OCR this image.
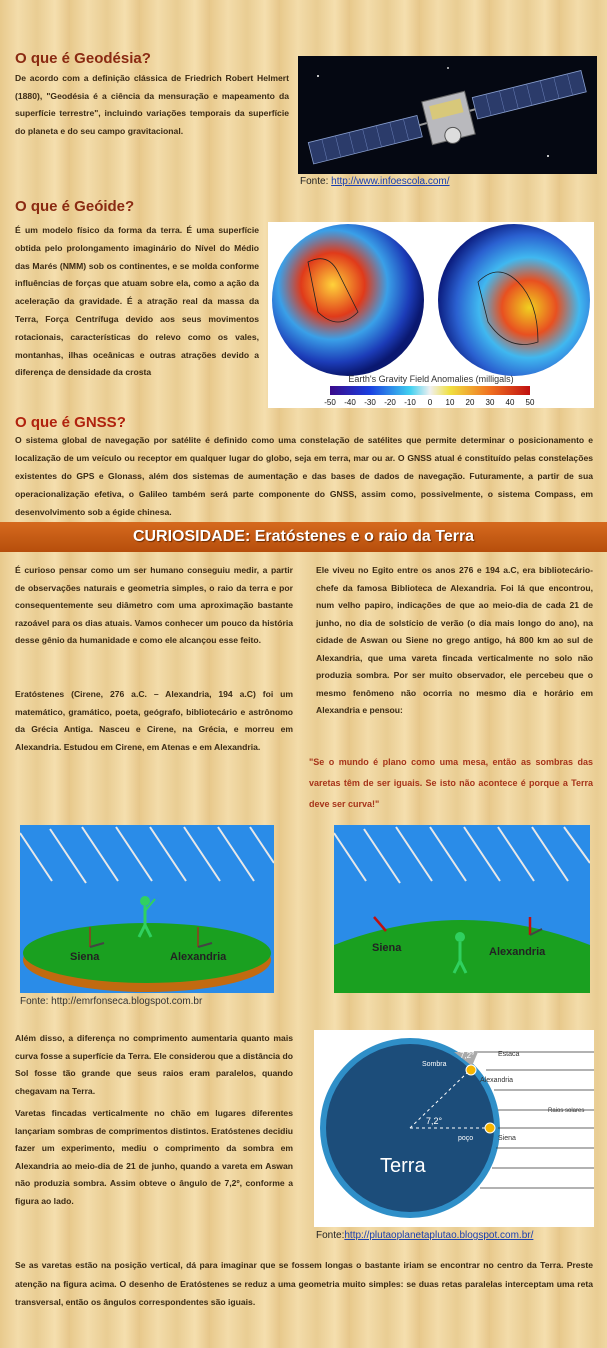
O que é Geodésia?

De acordo com a definição clássica de Friedrich Robert Helmert (1880), "Geodésia é a ciência da mensuração e mapeamento da superfície terrestre", incluindo variações temporais da superfície do planeta e do seu campo gravitacional.

Fonte: http://www.infoescola.com/
O que é Geóide?

É um modelo físico da forma da terra. É uma superfície obtida pelo prolongamento imaginário do Nível do Médio das Marés (NMM) sob os continentes, e se molda conforme influências de forças que atuam sobre ela, como a ação da aceleração da gravidade. É a atração real da massa da Terra, Força Centrífuga devido aos seus movimentos rotacionais, características do relevo como os vales, montanhas, ilhas oceânicas e outras atrações devido a diferença de densidade da crosta

Earth's Gravity Field Anomalies (milligals)
-50 -40 -30 -20 -10 0 10 20 30 40 50
O que é GNSS?

O sistema global de navegação por satélite é definido como uma constelação de satélites que permite determinar o posicionamento e localização de um veículo ou receptor em qualquer lugar do globo, seja em terra, mar ou ar. O GNSS atual é constituído pelas constelações existentes do GPS e Glonass, além dos sistemas de aumentação e das bases de dados de navegação. Futuramente, a partir de sua operacionalização efetiva, o Galileo também será parte componente do GNSS, assim como, possivelmente, o sistema Compass, em desenvolvimento sob a égide chinesa.

CURIOSIDADE: Eratóstenes e o raio da Terra

É curioso pensar como um ser humano conseguiu medir, a partir de observações naturais e geometria simples, o raio da terra e por consequentemente seu diâmetro com uma aproximação bastante razoável para os dias atuais. Vamos conhecer um pouco da história desse gênio da humanidade e como ele alcançou esse feito.

Eratóstenes (Cirene, 276 a.C. – Alexandria, 194 a.C) foi um matemático, gramático, poeta, geógrafo, bibliotecário e astrônomo da Grécia Antiga. Nasceu e Cirene, na Grécia, e morreu em Alexandria. Estudou em Cirene, em Atenas e em Alexandria.

Ele viveu no Egito entre os anos 276 e 194 a.C, era bibliotecário-chefe da famosa Biblioteca de Alexandria. Foi lá que encontrou, num velho papiro, indicações de que ao meio-dia de cada 21 de junho, no dia de solstício de verão (o dia mais longo do ano), na cidade de Aswan ou Siene no grego antigo, há 800 km ao sul de Alexandria, que uma vareta fincada verticalmente no solo não produzia sombra. Por ser muito observador, ele percebeu que o mesmo fenômeno não ocorria no mesmo dia e horário em Alexandria e pensou:

"Se o mundo é plano como uma mesa, então as sombras das varetas têm de ser iguais. Se isto não acontece é porque a Terra deve ser curva!"

Siena	Alexandria
Siena	Alexandria
Fonte: http://emrfonseca.blogspot.com.br

Além disso, a diferença no comprimento aumentaria quanto mais curva fosse a superfície da Terra. Ele considerou que a distância do Sol fosse tão grande que seus raios eram paralelos, quando chegavam na Terra.

Varetas fincadas verticalmente no chão em lugares diferentes lançariam sombras de comprimentos distintos. Eratóstenes decidiu fazer um experimento, mediu o comprimento da sombra em Alexandria ao meio-dia de 21 de junho, quando a vareta em Aswan não produzia sombra. Assim obteve o ângulo de 7,2º, conforme a figura ao lado.

7,2°
7,2°
Estaca
Sombra
Alexandria
Raios solares
poço	Siena
Terra
Fonte:http://plutaoplanetaplutao.blogspot.com.br/

Se as varetas estão na posição vertical, dá para imaginar que se fossem longas o bastante iriam se encontrar no centro da Terra. Preste atenção na figura acima. O desenho de Eratóstenes se reduz a uma geometria muito simples: se duas retas paralelas interceptam uma reta transversal, então os ângulos correspondentes são iguais.
